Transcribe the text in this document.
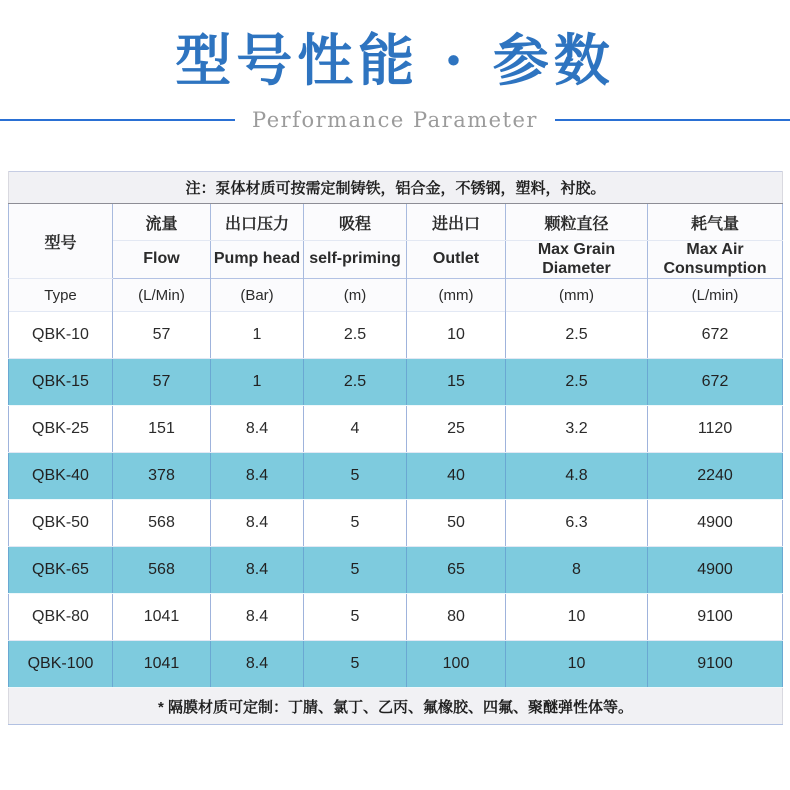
型号性能 · 参数
Performance Parameter
注：泵体材质可按需定制铸铁，铝合金，不锈钢，塑料，衬胶。						
型号	流量	出口压力	吸程	进出口	颗粒直径	耗气量
	Flow	Pump head	self-priming	Outlet	Max Grain Diameter	Max Air Consumption
Type	(L/Min)	(Bar)	(m)	(mm)	(mm)	(L/min)
QBK-10	57	1	2.5	10	2.5	672
QBK-15	57	1	2.5	15	2.5	672
QBK-25	151	8.4	4	25	3.2	1120
QBK-40	378	8.4	5	40	4.8	2240
QBK-50	568	8.4	5	50	6.3	4900
QBK-65	568	8.4	5	65	8	4900
QBK-80	1041	8.4	5	80	10	9100
QBK-100	1041	8.4	5	100	10	9100
* 隔膜材质可定制：丁腈、氯丁、乙丙、氟橡胶、四氟、聚醚弹性体等。						
